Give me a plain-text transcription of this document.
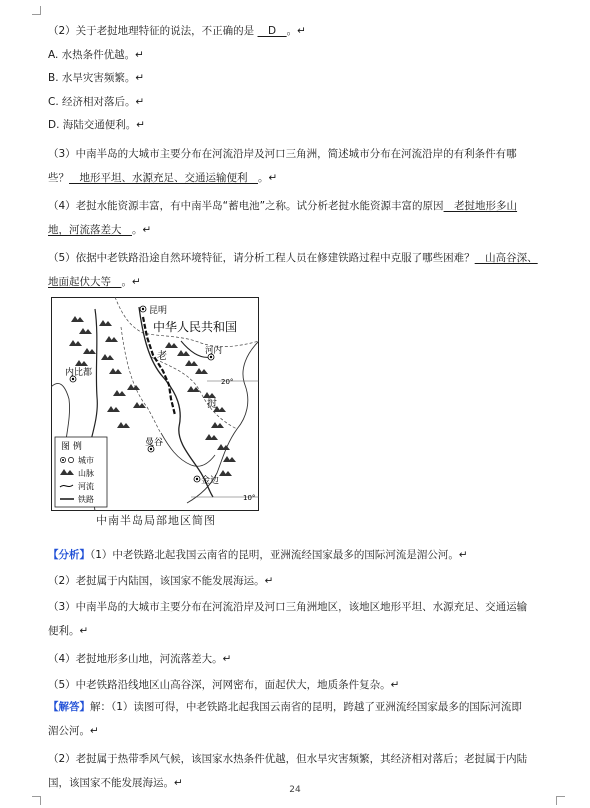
（2）关于老挝地理特征的说法，不正确的是 　D　。↵
A. 水热条件优越。↵
B. 水旱灾害频繁。↵
C. 经济相对落后。↵
D. 海陆交通便利。↵
（3）中南半岛的大城市主要分布在河流沿岸及河口三角洲，简述城市分布在河流沿岸的有利条件有哪
些？　地形平坦、水源充足、交通运输便利　。↵
（4）老挝水能资源丰富，有中南半岛“蓄电池”之称。试分析老挝水能资源丰富的原因　老挝地形多山
地，河流落差大　。↵
（5）依据中老铁路沿途自然环境特征，请分析工程人员在修建铁路过程中克服了哪些困难？　山高谷深、
地面起伏大等　。↵
【分析】（1）中老铁路北起我国云南省的昆明，亚洲流经国家最多的国际河流是湄公河。↵
（2）老挝属于内陆国，该国家不能发展海运。↵
（3）中南半岛的大城市主要分布在河流沿岸及河口三角洲地区，该地区地形平坦、水源充足、交通运输
便利。↵
（4）老挝地形多山地，河流落差大。↵
（5）中老铁路沿线地区山高谷深，河网密布，面起伏大，地质条件复杂。↵
【解答】解：（1）读图可得，中老铁路北起我国云南省的昆明，跨越了亚洲流经国家最多的国际河流即
湄公河。↵
（2）老挝属于热带季风气候，该国家水热条件优越，但水旱灾害频繁，其经济相对落后；老挝属于内陆
国，该国家不能发展海运。↵
昆明
河内
内比都
曼谷
金边
中华人民共和国
老
挝
20°
10°
图 例
城市
山脉
河流
铁路
中南半岛局部地区简图
24
